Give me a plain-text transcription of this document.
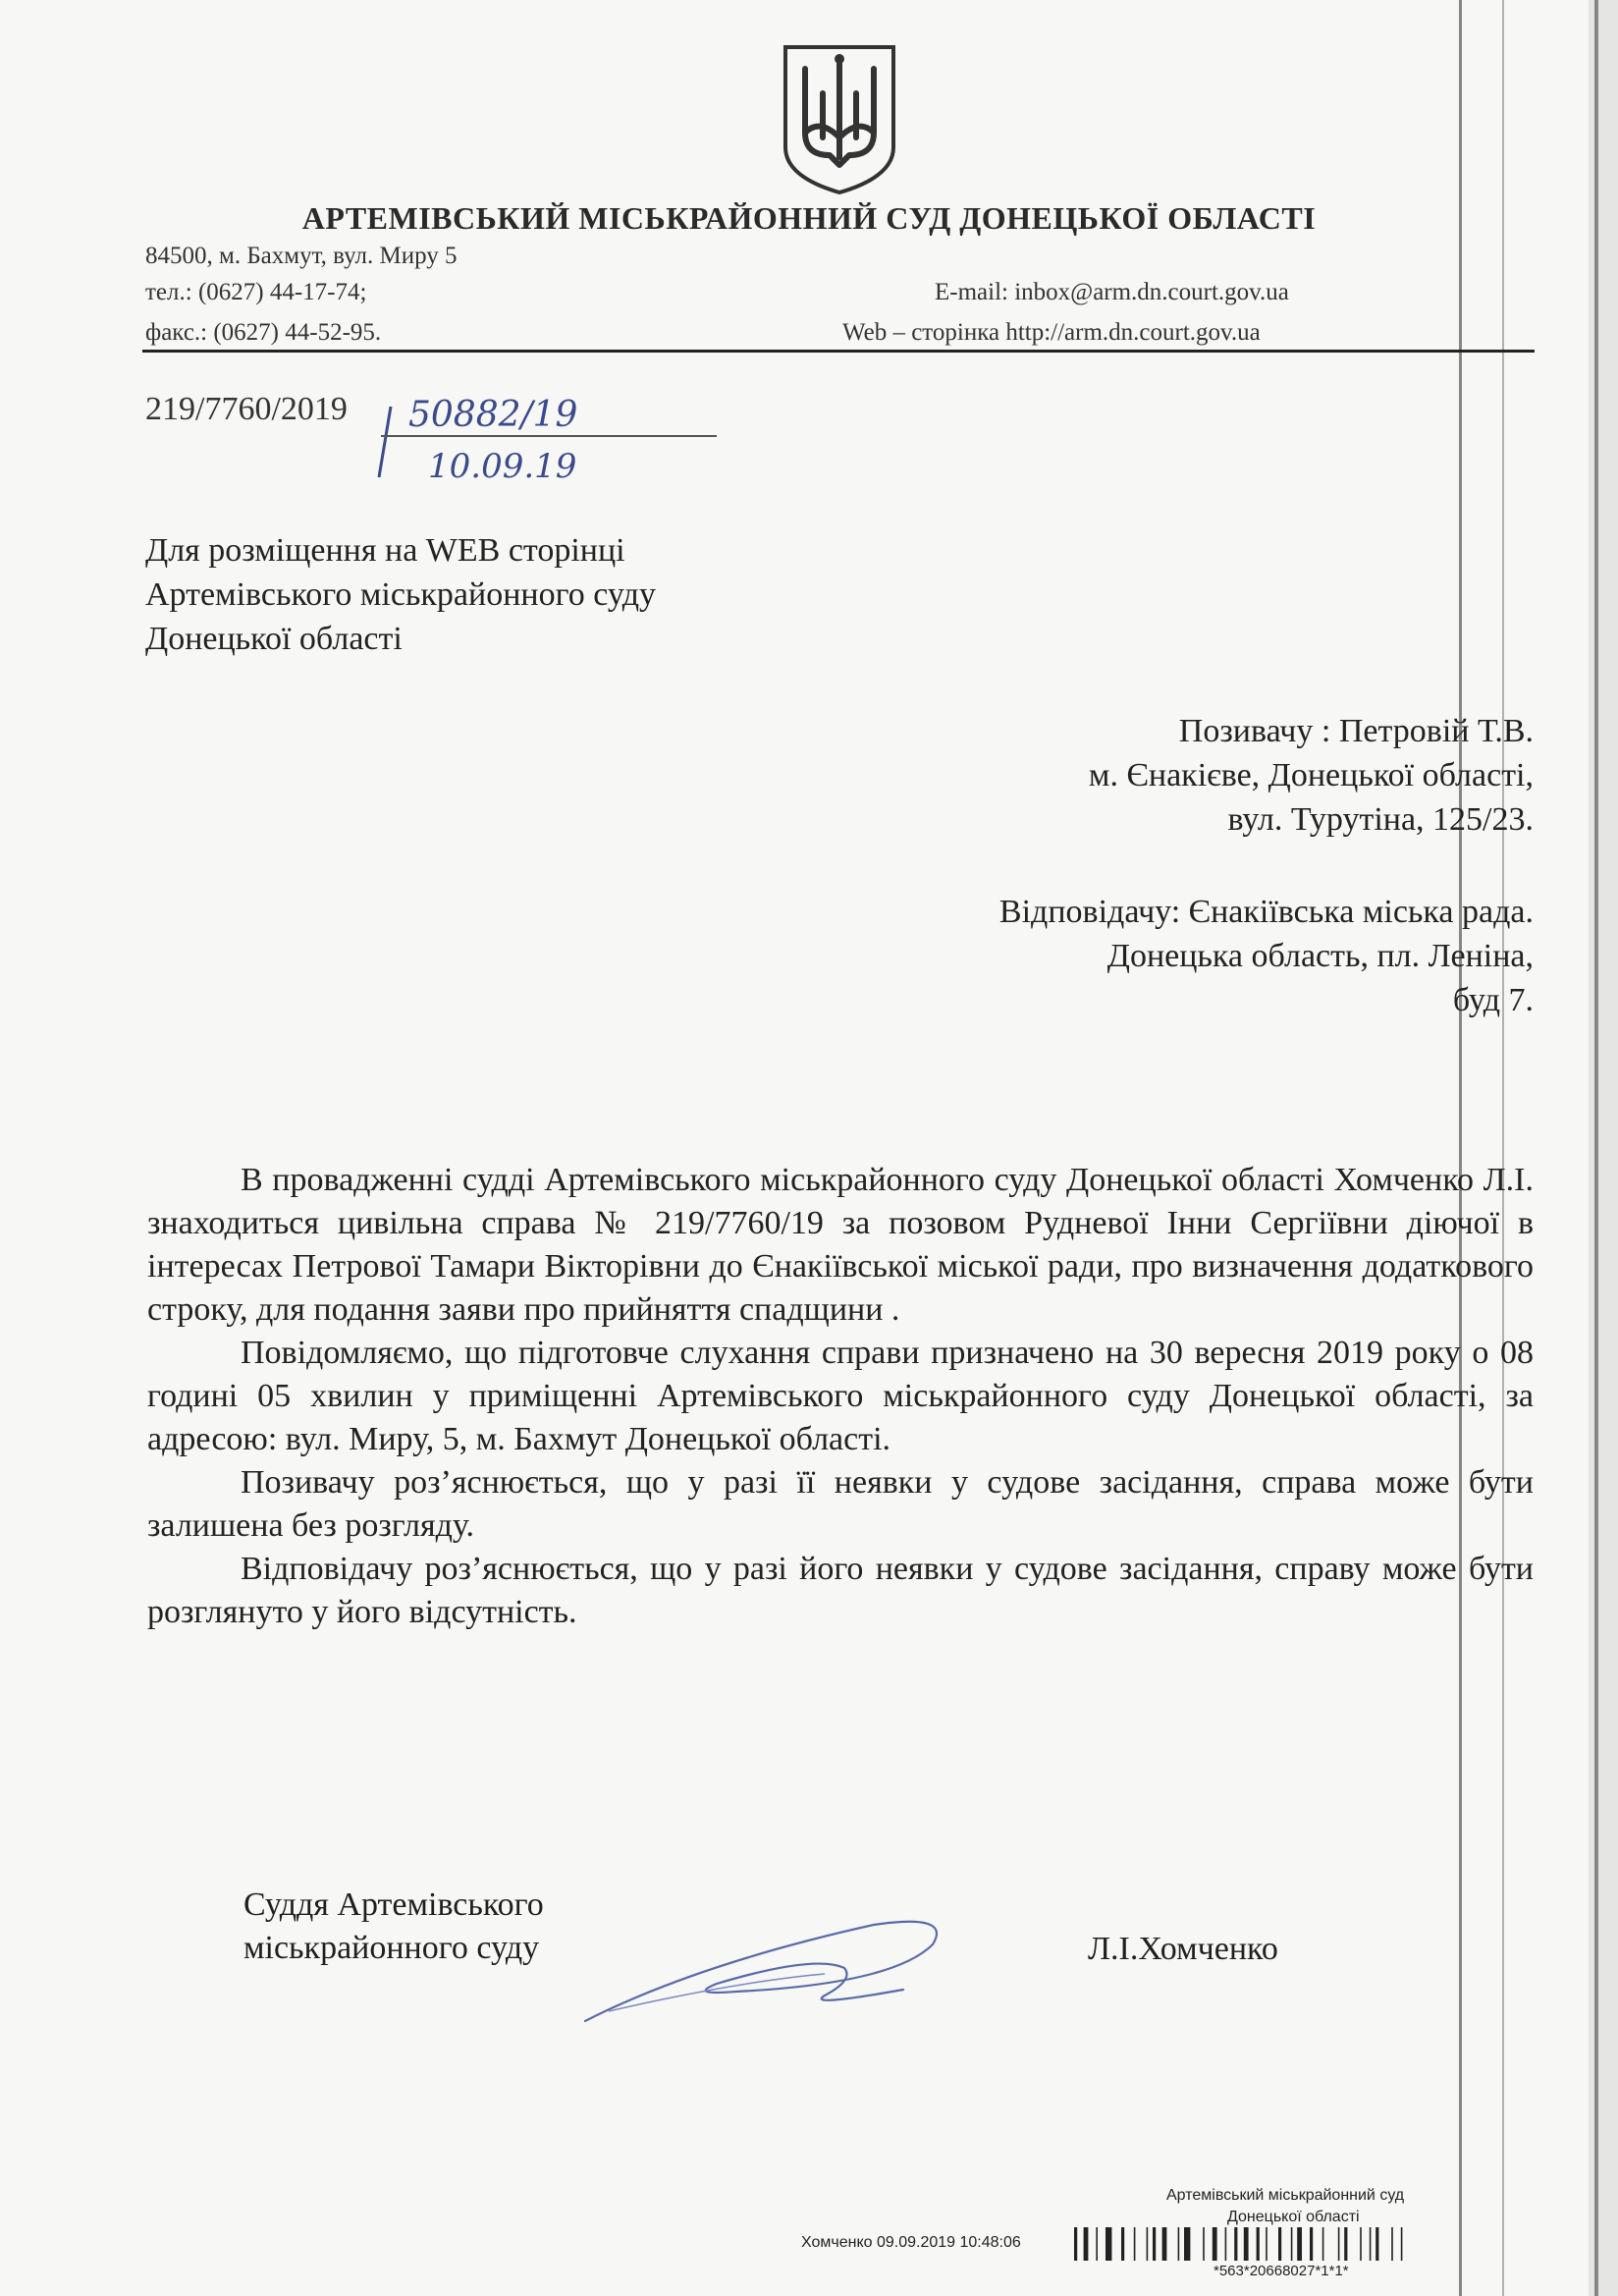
АРТЕМІВСЬКИЙ МІСЬКРАЙОННИЙ СУД ДОНЕЦЬКОЇ ОБЛАСТІ
84500, м. Бахмут, вул. Миру 5
тел.: (0627) 44-17-74;
факс.: (0627) 44-52-95.
E-mail: inbox@arm.dn.court.gov.ua
Web – сторінка http://arm.dn.court.gov.ua
219/7760/2019 50882/19
10.09.19
Для розміщення на WEB сторінці
Артемівського міськрайонного суду
Донецької області
Позивачу : Петровій Т.В.
м. Єнакієве, Донецької області,
вул. Турутіна, 125/23.
Відповідачу: Єнакіївська міська рада.
Донецька область, пл. Леніна,
буд 7.

В провадженні судді Артемівського міськрайонного суду Донецької області Хомченко Л.І. знаходиться цивільна справа № 219/7760/19 за позовом Рудневої Інни Сергіївни діючої в інтересах Петрової Тамари Вікторівни до Єнакіївської міської ради, про визначення додаткового строку, для подання заяви про прийняття спадщини .

Повідомляємо, що підготовче слухання справи призначено на 30 вересня 2019 року о 08 годині 05 хвилин у приміщенні Артемівського міськрайонного суду Донецької області, за адресою: вул. Миру, 5, м. Бахмут Донецької області.

Позивачу роз’яснюється, що у разі її неявки у судове засідання, справа може бути залишена без розгляду.

Відповідачу роз’яснюється, що у разі його неявки у судове засідання, справу може бути розглянуто у його відсутність.

Суддя Артемівського
міськрайонного суду	Л.І.Хомченко
Артемівський міськрайонний суд
Донецької області
Хомченко 09.09.2019 10:48:06
*563*20668027*1*1*
